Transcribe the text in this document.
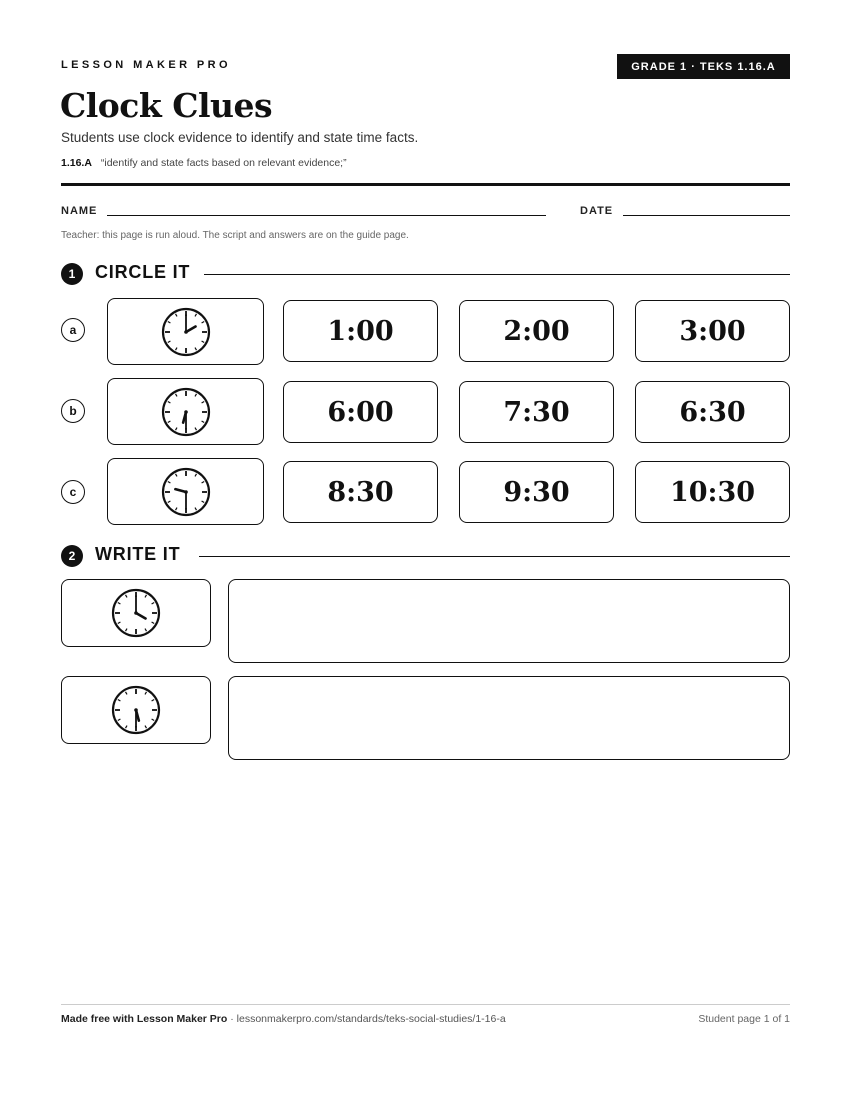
LESSON MAKER PRO	GRADE 1 · TEKS 1.16.A
Clock Clues
Students use clock evidence to identify and state time facts.
1.16.A “identify and state facts based on relevant evidence;”
NAME	DATE
Teacher: this page is run aloud. The script and answers are on the guide page.
1	CIRCLE IT
a	1:00	2:00	3:00
b	6:00	7:30	6:30
c	8:30	9:30	10:30
2	WRITE IT
Made free with Lesson Maker Pro · lessonmakerpro.com/standards/teks-social-studies/1-16-a	Student page 1 of 1
